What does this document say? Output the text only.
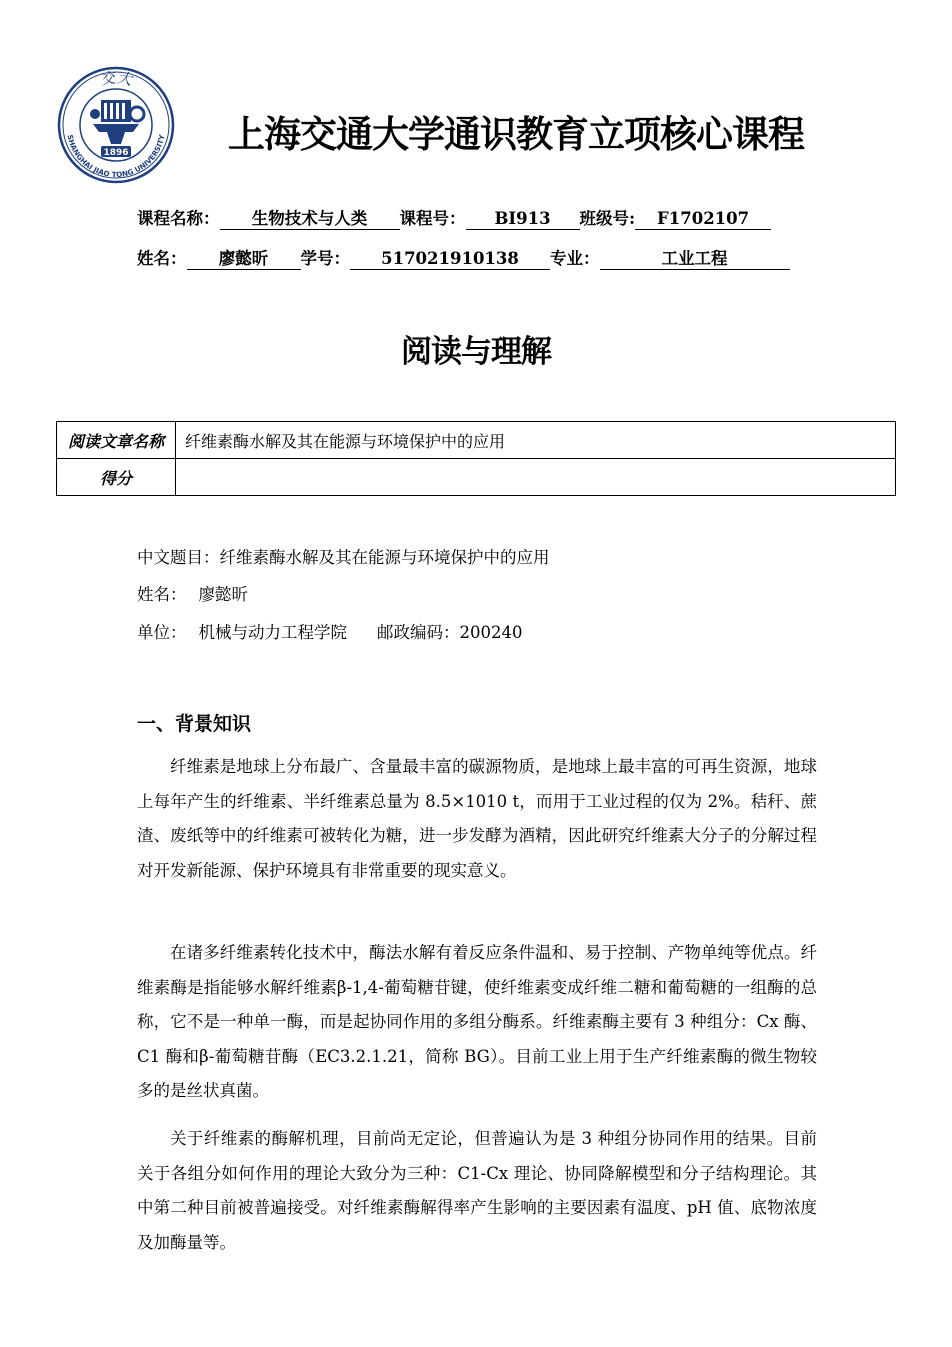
交大
SHANGHAI JIAO TONG UNIVERSITY
1896	上海交通大学通识教育立项核心课程
课程名称：	生物技术与人类	课程号：	BI913	班级号:	F1702107
姓名：	廖懿昕	学号：	517021910138	专业：	工业工程
阅读与理解
阅读文章名称	纤维素酶水解及其在能源与环境保护中的应用
得分	
中文题目：纤维素酶水解及其在能源与环境保护中的应用
姓名： 廖懿昕
单位： 机械与动力工程学院 邮政编码：200240
一、背景知识

纤维素是地球上分布最广、含量最丰富的碳源物质，是地球上最丰富的可再生资源，地球上每年产生的纤维素、半纤维素总量为 8.5×1010 t，而用于工业过程的仅为 2%。秸秆、蔗渣、废纸等中的纤维素可被转化为糖，进一步发酵为酒精，因此研究纤维素大分子的分解过程对开发新能源、保护环境具有非常重要的现实意义。

在诸多纤维素转化技术中，酶法水解有着反应条件温和、易于控制、产物单纯等优点。纤维素酶是指能够水解纤维素β-1,4-葡萄糖苷键，使纤维素变成纤维二糖和葡萄糖的一组酶的总称，它不是一种单一酶，而是起协同作用的多组分酶系。纤维素酶主要有 3 种组分：Cx 酶、C1 酶和β-葡萄糖苷酶（EC3.2.1.21，简称 BG）。目前工业上用于生产纤维素酶的微生物较多的是丝状真菌。

关于纤维素的酶解机理，目前尚无定论，但普遍认为是 3 种组分协同作用的结果。目前关于各组分如何作用的理论大致分为三种：C1-Cx 理论、协同降解模型和分子结构理论。其中第二种目前被普遍接受。对纤维素酶解得率产生影响的主要因素有温度、pH 值、底物浓度及加酶量等。
